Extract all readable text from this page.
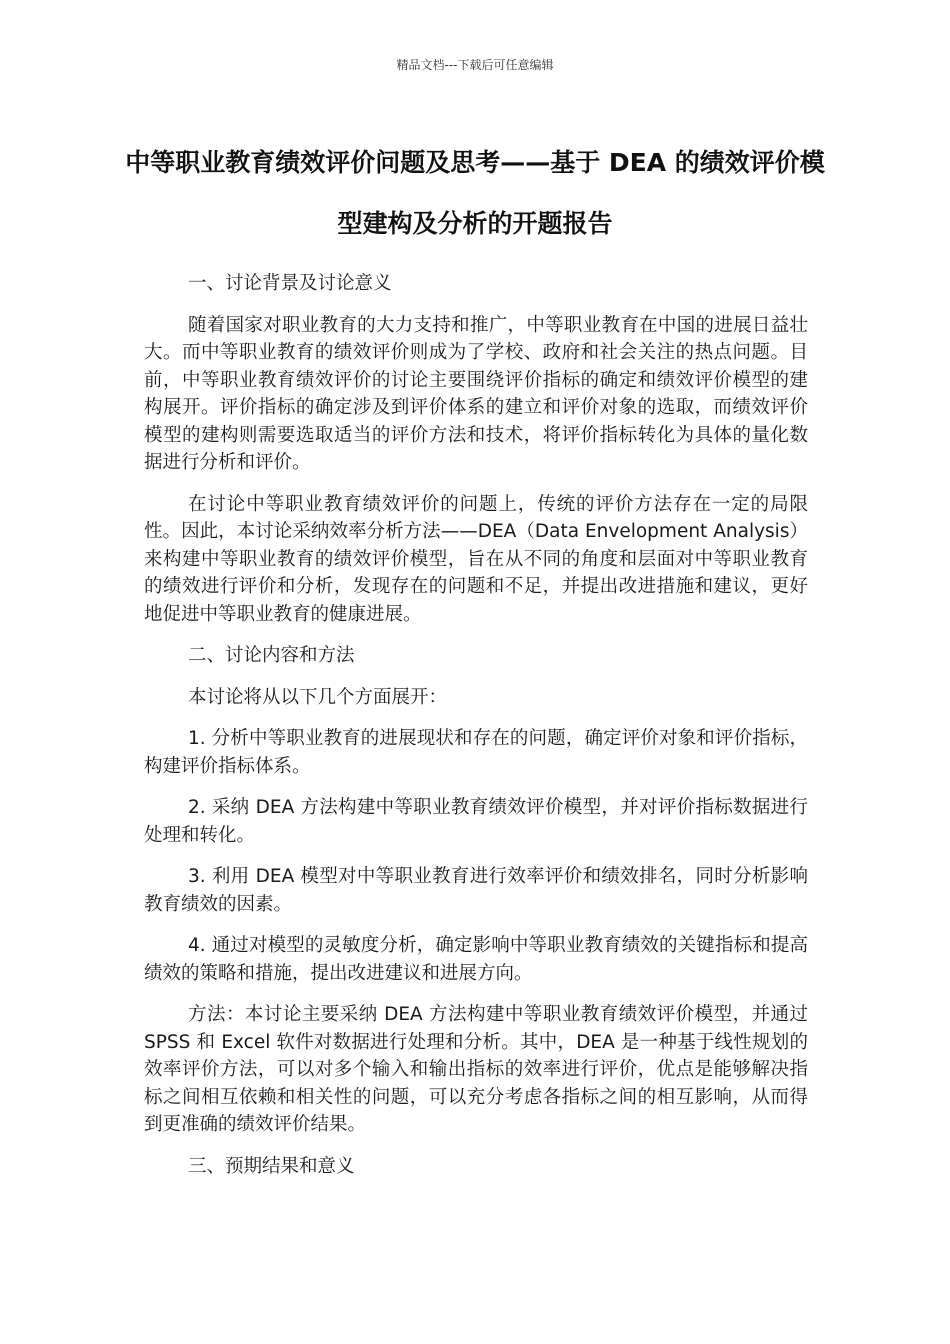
精品文档---下载后可任意编辑
中等职业教育绩效评价问题及思考——基于 DEA 的绩效评价模型建构及分析的开题报告

一、讨论背景及讨论意义

随着国家对职业教育的大力支持和推广，中等职业教育在中国的进展日益壮大。而中等职业教育的绩效评价则成为了学校、政府和社会关注的热点问题。目前，中等职业教育绩效评价的讨论主要围绕评价指标的确定和绩效评价模型的建构展开。评价指标的确定涉及到评价体系的建立和评价对象的选取，而绩效评价模型的建构则需要选取适当的评价方法和技术，将评价指标转化为具体的量化数据进行分析和评价。

在讨论中等职业教育绩效评价的问题上，传统的评价方法存在一定的局限性。因此，本讨论采纳效率分析方法——DEA（Data Envelopment Analysis）来构建中等职业教育的绩效评价模型，旨在从不同的角度和层面对中等职业教育的绩效进行评价和分析，发现存在的问题和不足，并提出改进措施和建议，更好地促进中等职业教育的健康进展。

二、讨论内容和方法

本讨论将从以下几个方面展开：

1. 分析中等职业教育的进展现状和存在的问题，确定评价对象和评价指标，构建评价指标体系。

2. 采纳 DEA 方法构建中等职业教育绩效评价模型，并对评价指标数据进行处理和转化。

3. 利用 DEA 模型对中等职业教育进行效率评价和绩效排名，同时分析影响教育绩效的因素。

4. 通过对模型的灵敏度分析，确定影响中等职业教育绩效的关键指标和提高绩效的策略和措施，提出改进建议和进展方向。

方法：本讨论主要采纳 DEA 方法构建中等职业教育绩效评价模型，并通过 SPSS 和 Excel 软件对数据进行处理和分析。其中，DEA 是一种基于线性规划的效率评价方法，可以对多个输入和输出指标的效率进行评价，优点是能够解决指标之间相互依赖和相关性的问题，可以充分考虑各指标之间的相互影响，从而得到更准确的绩效评价结果。

三、预期结果和意义
